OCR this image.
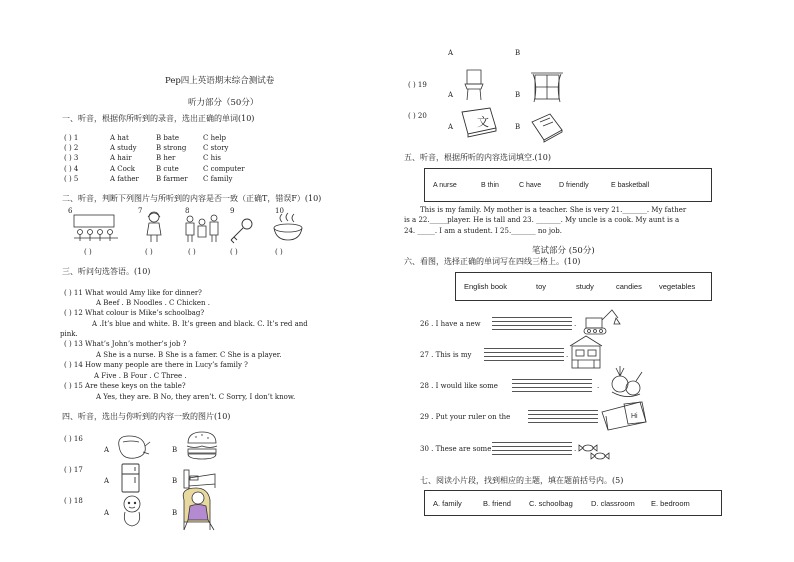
Pep四上英语期末综合测试卷
听力部分（50分）
一、听音，根据你所听到的录音，选出正确的单词(10)
( ) 1	A hat	B bate	C help
( ) 2	A study	B strong C story
( ) 3	A hair	B her	C his
( ) 4	A Cock	B cute	C computer
( ) 5	A father B farmer C family
二、听音，判断下列图片与所听到的内容是否一致（正确T，错误F）(10)
6	7	8	9	10
( )	( )	( )	( )	( )
三、听问句选答语。(10)
( ) 11 What would Amy like for dinner?
A Beef . B Noodles . C Chicken .
( ) 12 What colour is Mike’s schoolbag?
A .It’s blue and white. B. It’s green and black. C. It’s red and
pink.
( ) 13 What’s John’s mother’s job ?
A She is a nurse. B She is a famer. C She is a player.
( ) 14 How many people are there in Lucy’s family ?
A Five . B Four . C Three .
( ) 15 Are these keys on the table?
A Yes, they are. B No, they aren’t. C Sorry, I don’t know.
四、听音，选出与你听到的内容一致的图片(10)
( ) 16
A	B
( ) 17
A	B
( ) 18
A	B
A	B
( ) 19
A	B
( ) 20
A	B
文
五、听音，根据所听的内容选词填空.(10)
A nurse	B thin	C have	D friendly	E basketball
This is my family. My mother is a teacher. She is very 21._______. My father
is a 22._____player. He is tall and 23. _______. My uncle is a cook. My aunt is a
24. _____. I am a student. I 25._______ no job.
笔试部分 (50分)
六、看图，选择正确的单词写在四线三格上。(10)
English book	toy	study	candies vegetables
26 . I have a new	.
27 . This is my	.
28 . I would like some	.
29 . Put your ruler on the	Hi
30 . These are some	.
七、阅读小片段，找到相应的主题，填在题前括号内。(5)
A. family	B. friend C. schoolbag D. classroom E. bedroom
